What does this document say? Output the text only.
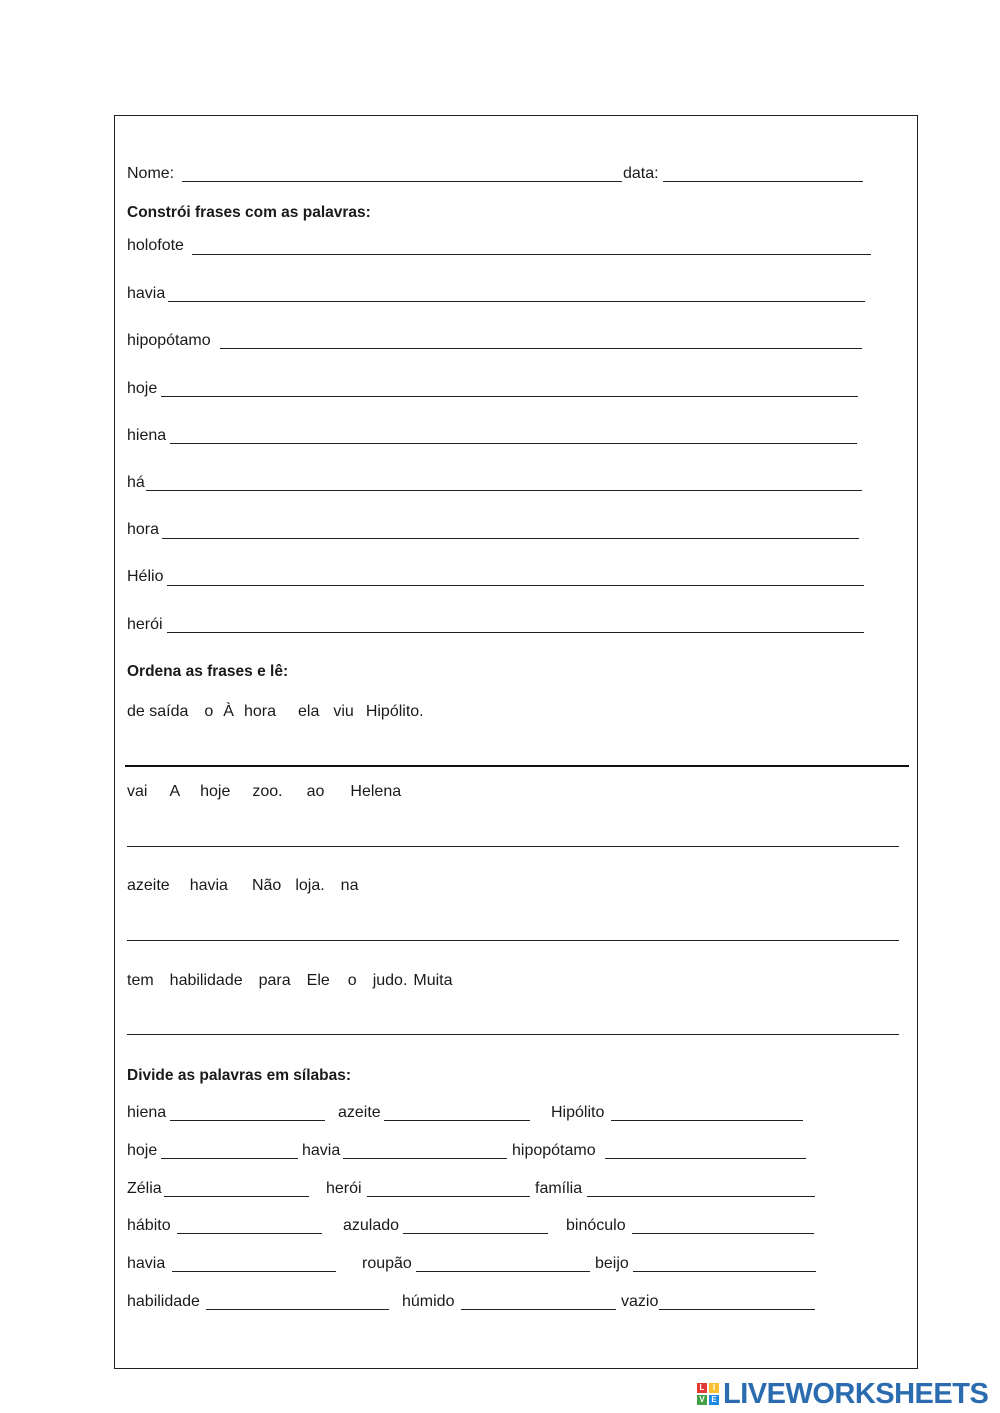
Nome:	data:
Constrói frases com as palavras:
holofote
havia
hipopótamo
hoje
hiena
há
hora
Hélio
herói
Ordena as frases e lê:
de saída o À hora ela viu Hipólito.
vai A hoje zoo. ao Helena
azeite havia Não loja. na
tem habilidade para Ele o judo. Muita
Divide as palavras em sílabas:
hiena	azeite	Hipólito
hoje	havia	hipopótamo
Zélia	herói	família
hábito	azulado	binóculo
havia	roupão	beijo
habilidade	húmido	vazio
L	I
V E LIVEWORKSHEETS
